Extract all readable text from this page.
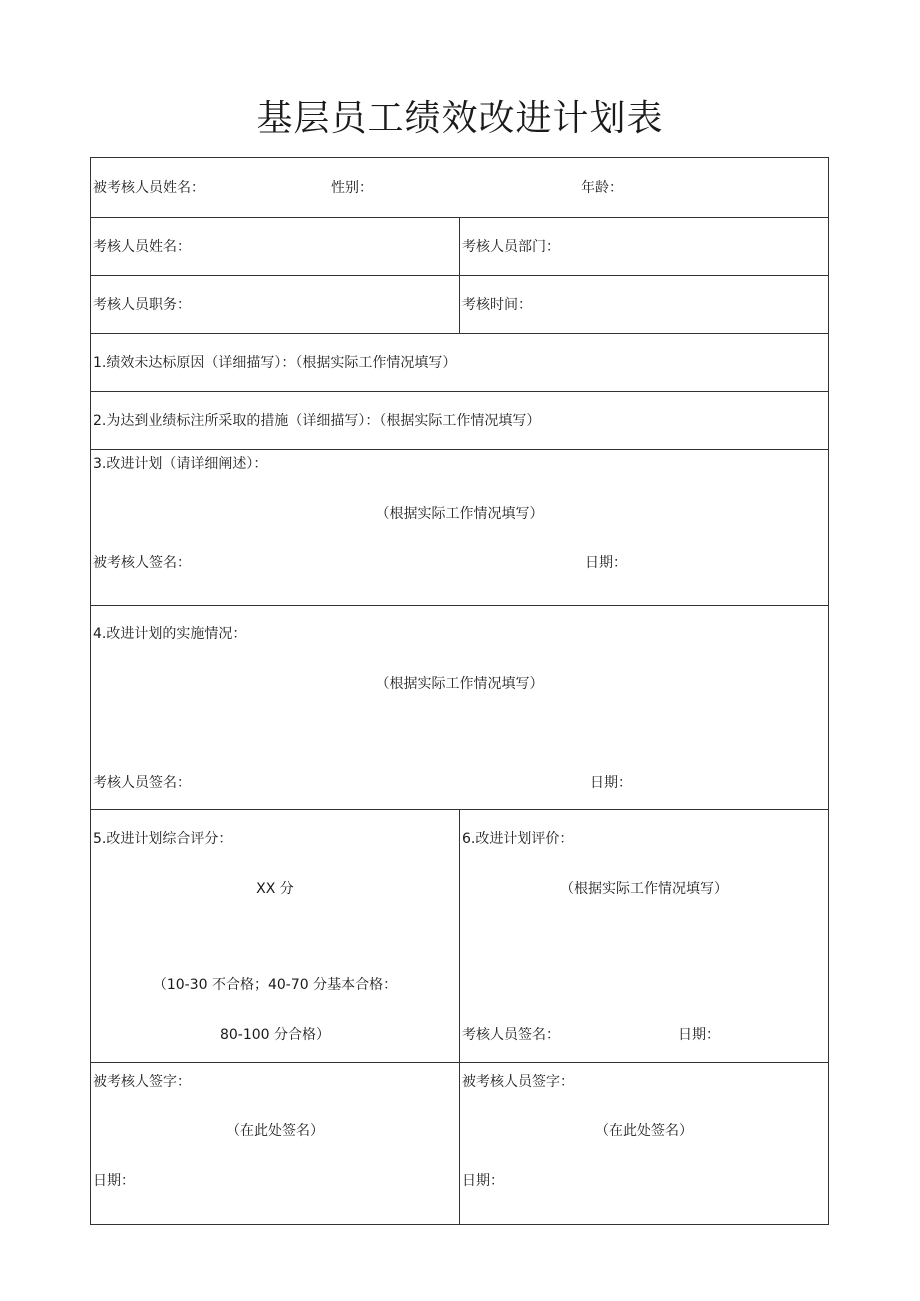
基层员工绩效改进计划表
被考核人员姓名：	性别：	年龄：
考核人员姓名：	考核人员部门：
考核人员职务：	考核时间：
1.绩效未达标原因（详细描写）：（根据实际工作情况填写）
2.为达到业绩标注所采取的措施（详细描写）：（根据实际工作情况填写）
3.改进计划（请详细阐述）：
（根据实际工作情况填写）
被考核人签名：	日期：
4.改进计划的实施情况：
（根据实际工作情况填写）
考核人员签名：	日期：
5.改进计划综合评分：
XX 分
（10-30 不合格；40-70 分基本合格：
80-100 分合格）
6.改进计划评价：
（根据实际工作情况填写）
考核人员签名：	日期：
被考核人签字：
（在此处签名）
日期：
被考核人员签字：
（在此处签名）
日期：
